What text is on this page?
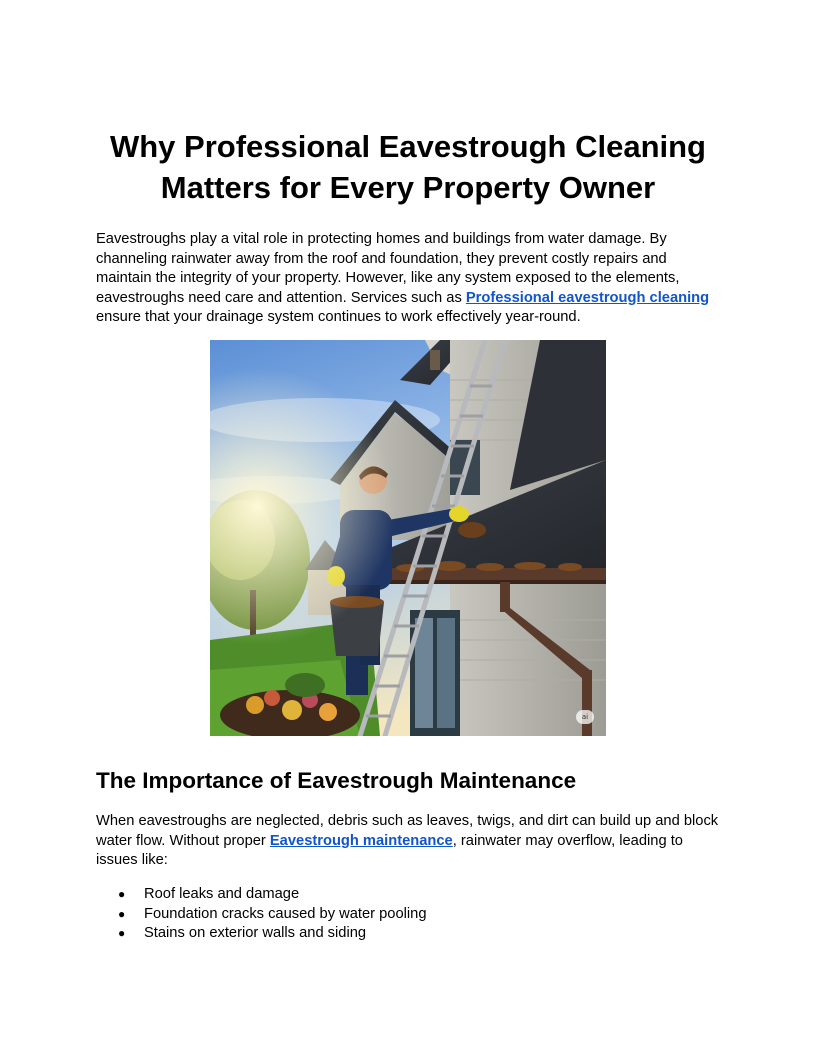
Why Professional Eavestrough Cleaning Matters for Every Property Owner

Eavestroughs play a vital role in protecting homes and buildings from water damage. By channeling rainwater away from the roof and foundation, they prevent costly repairs and maintain the integrity of your property. However, like any system exposed to the elements, eavestroughs need care and attention. Services such as Professional eavestrough cleaning ensure that your drainage system continues to work effectively year-round.

ai
The Importance of Eavestrough Maintenance

When eavestroughs are neglected, debris such as leaves, twigs, and dirt can build up and block water flow. Without proper Eavestrough maintenance, rainwater may overflow, leading to issues like:

● Roof leaks and damage
● Foundation cracks caused by water pooling
● Stains on exterior walls and siding
